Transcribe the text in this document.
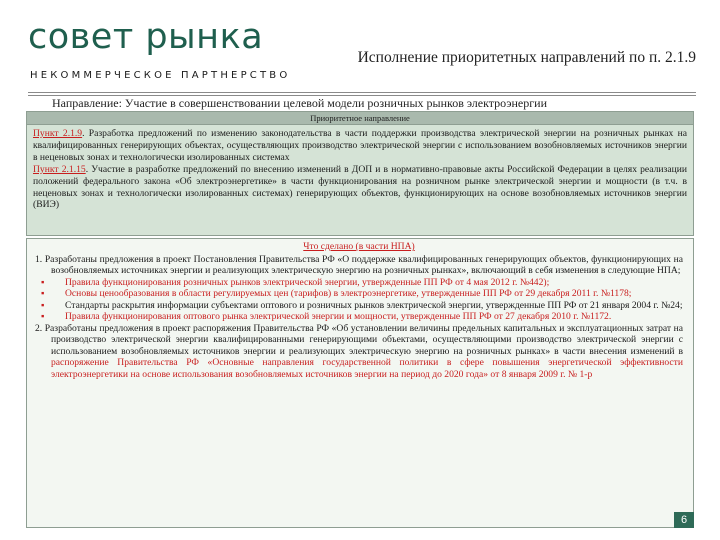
совет рынка
НЕКОММЕРЧЕСКОЕ ПАРТНЕРСТВО
Исполнение приоритетных направлений по п. 2.1.9
Направление: Участие в совершенствовании целевой модели розничных рынков электроэнергии
Приоритетное направление
Пункт 2.1.9. Разработка предложений по изменению законодательства в части поддержки производства электрической энергии на розничных рынках на квалифицированных генерирующих объектах, осуществляющих производство электрической энергии с использованием возобновляемых источников энергии в неценовых зонах и технологически изолированных системах
Пункт 2.1.15. Участие в разработке предложений по внесению изменений в ДОП и в нормативно-правовые акты Российской Федерации в целях реализации положений федерального закона «Об электроэнергетике» в части функционирования на розничном рынке электрической энергии и мощности (в т.ч. в неценовых зонах и технологически изолированных системах) генерирующих объектов, функционирующих на основе возобновляемых источников энергии (ВИЭ)
Что сделано (в части НПА)

1. Разработаны предложения в проект Постановления Правительства РФ «О поддержке квалифицированных генерирующих объектов, функционирующих на возобновляемых источниках энергии и реализующих электрическую энергию на розничных рынках», включающий в себя изменения в следующие НПА;

▪ Правила функционирования розничных рынков электрической энергии, утвержденные ПП РФ от 4 мая 2012 г. №442);

▪ Основы ценообразования в области регулируемых цен (тарифов) в электроэнергетике, утвержденные ПП РФ от 29 декабря 2011 г. №1178;

▪ Стандарты раскрытия информации субъектами оптового и розничных рынков электрической энергии, утвержденные ПП РФ от 21 января 2004 г. №24;

▪ Правила функционирования оптового рынка электрической энергии и мощности, утвержденные ПП РФ от 27 декабря 2010 г. №1172.

2. Разработаны предложения в проект распоряжения Правительства РФ «Об установлении величины предельных капитальных и эксплуатационных затрат на производство электрической энергии квалифицированными генерирующими объектами, осуществляющими производство электрической энергии с использованием возобновляемых источников энергии и реализующих электрическую энергию на розничных рынках» в части внесения изменений в распоряжение Правительства РФ «Основные направления государственной политики в сфере повышения энергетической эффективности электроэнергетики на основе использования возобновляемых источников энергии на период до 2020 года» от 8 января 2009 г. № 1-р

6
